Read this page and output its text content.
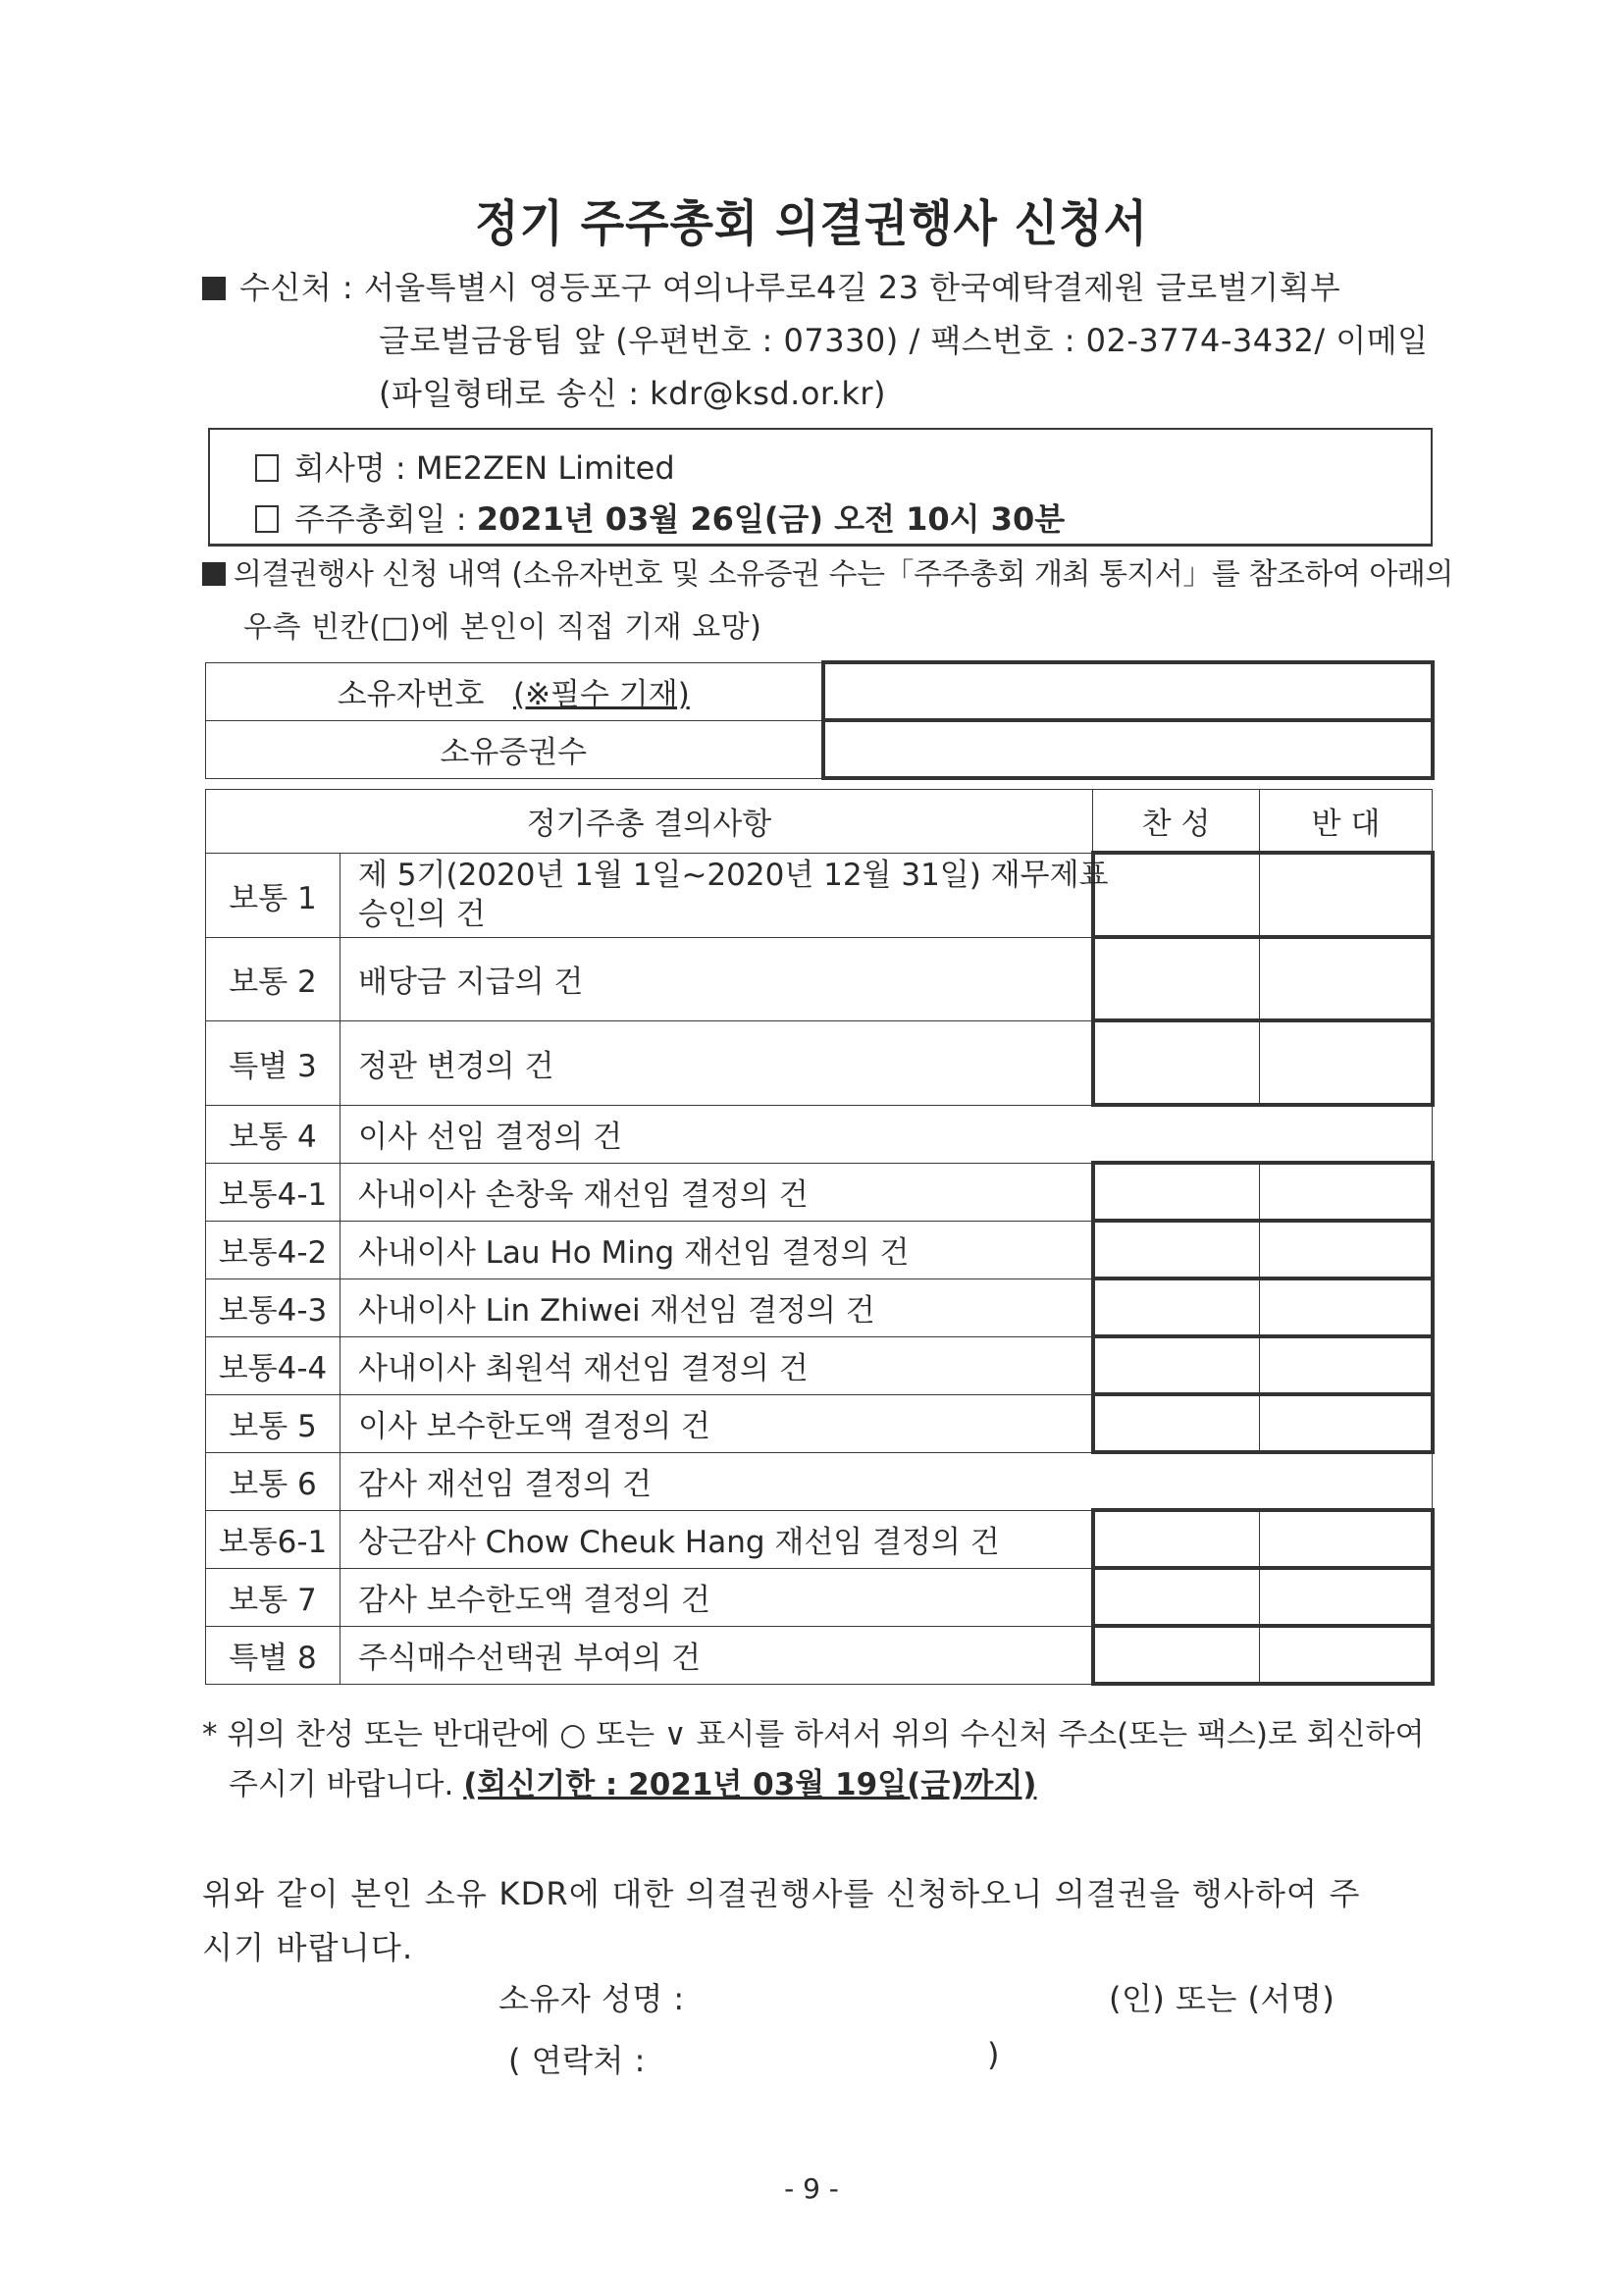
정기 주주총회 의결권행사 신청서
수신처 : 서울특별시 영등포구 여의나루로4길 23 한국예탁결제원 글로벌기획부
글로벌금융팀 앞 (우편번호 : 07330) / 팩스번호 : 02-3774-3432/ 이메일
(파일형태로 송신 : kdr@ksd.or.kr)
회사명 : ME2ZEN Limited
주주총회일 : 2021년 03월 26일(금) 오전 10시 30분
의결권행사 신청 내역 (소유자번호 및 소유증권 수는「주주총회 개최 통지서」를 참조하여 아래의
우측 빈칸(□)에 본인이 직접 기재 요망)
소유자번호 (※필수 기재)	
소유증권수	
정기주총 결의사항		찬 성	반 대
보통 1	제 5기(2020년 1월 1일~2020년 12월 31일) 재무제표
승인의 건		

보통 2	배당금 지급의 건		
특별 3	정관 변경의 건		
보통 4	이사 선임 결정의 건		
보통4-1	사내이사 손창욱 재선임 결정의 건		
보통4-2	사내이사 Lau Ho Ming 재선임 결정의 건		
보통4-3	사내이사 Lin Zhiwei 재선임 결정의 건		
보통4-4	사내이사 최원석 재선임 결정의 건		
보통 5	이사 보수한도액 결정의 건		
보통 6	감사 재선임 결정의 건		
보통6-1	상근감사 Chow Cheuk Hang 재선임 결정의 건		
보통 7	감사 보수한도액 결정의 건		
특별 8	주식매수선택권 부여의 건		
* 위의 찬성 또는 반대란에 ○ 또는 ∨ 표시를 하셔서 위의 수신처 주소(또는 팩스)로 회신하여
주시기 바랍니다. (회신기한 : 2021년 03월 19일(금)까지)
위와 같이 본인 소유 KDR에 대한 의결권행사를 신청하오니 의결권을 행사하여 주
시기 바랍니다.
소유자 성명 :	(인) 또는 (서명)
( 연락처 :	)
- 9 -
